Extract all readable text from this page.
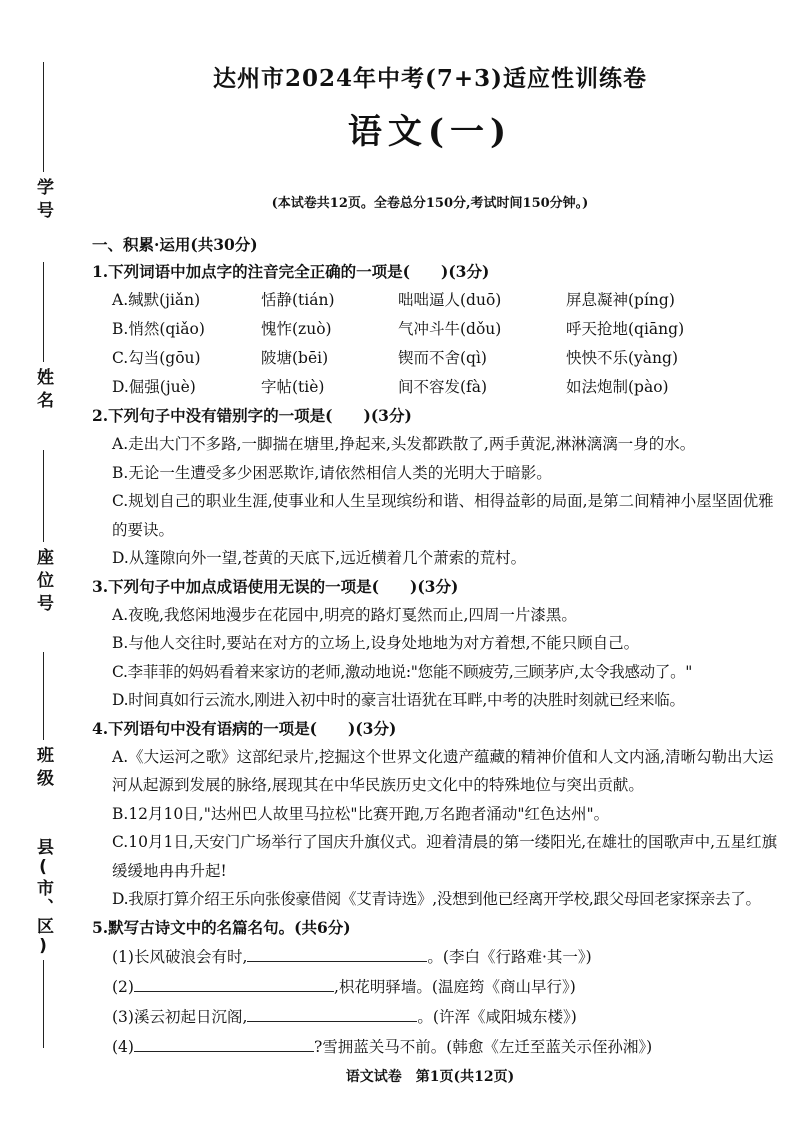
学号
姓名
座位号
班级
县(市、区)
达州市2024年中考(7+3)适应性训练卷
语文(一)
(本试卷共12页。全卷总分150分,考试时间150分钟。)
一、积累·运用(共30分)
1.下列词语中加点字的注音完全正确的一项是(　　)(3分)
A.缄默(jiǎn)	恬静(tián)	咄咄逼人(duō)	屏息凝神(píng)
B.悄然(qiǎo)	愧怍(zuò)	气冲斗牛(dǒu)	呼天抢地(qiāng)
C.勾当(gōu)	陂塘(bēi)	锲而不舍(qì)	怏怏不乐(yàng)
D.倔强(juè)	字帖(tiè)	间不容发(fà)	如法炮制(pào)
2.下列句子中没有错别字的一项是(　　)(3分)
A.走出大门不多路,一脚揣在塘里,挣起来,头发都跌散了,两手黄泥,淋淋漓漓一身的水。
B.无论一生遭受多少困恶欺诈,请依然相信人类的光明大于暗影。
C.规划自己的职业生涯,使事业和人生呈现缤纷和谐、相得益彰的局面,是第二间精神小屋坚固优雅的要诀。
D.从篷隙向外一望,苍黄的天底下,远近横着几个萧索的荒村。
3.下列句子中加点成语使用无误的一项是(　　)(3分)
A.夜晚,我悠闲地漫步在花园中,明亮的路灯戛然而止,四周一片漆黑。
B.与他人交往时,要站在对方的立场上,设身处地地为对方着想,不能只顾自己。
C.李菲菲的妈妈看着来家访的老师,激动地说:"您能不顾疲劳,三顾茅庐,太令我感动了。"
D.时间真如行云流水,刚进入初中时的豪言壮语犹在耳畔,中考的决胜时刻就已经来临。
4.下列语句中没有语病的一项是(　　)(3分)
A.《大运河之歌》这部纪录片,挖掘这个世界文化遗产蕴藏的精神价值和人文内涵,清晰勾勒出大运河从起源到发展的脉络,展现其在中华民族历史文化中的特殊地位与突出贡献。
B.12月10日,"达州巴人故里马拉松"比赛开跑,万名跑者涌动"红色达州"。
C.10月1日,天安门广场举行了国庆升旗仪式。迎着清晨的第一缕阳光,在雄壮的国歌声中,五星红旗缓缓地冉冉升起!
D.我原打算介绍王乐向张俊豪借阅《艾青诗选》,没想到他已经离开学校,跟父母回老家探亲去了。
5.默写古诗文中的名篇名句。(共6分)
(1)长风破浪会有时,	。(李白《行路难·其一》)
(2)	,枳花明驿墙。(温庭筠《商山早行》)
(3)溪云初起日沉阁,	。(许浑《咸阳城东楼》)
(4)	?雪拥蓝关马不前。(韩愈《左迁至蓝关示侄孙湘》)
语文试卷　第1页(共12页)
